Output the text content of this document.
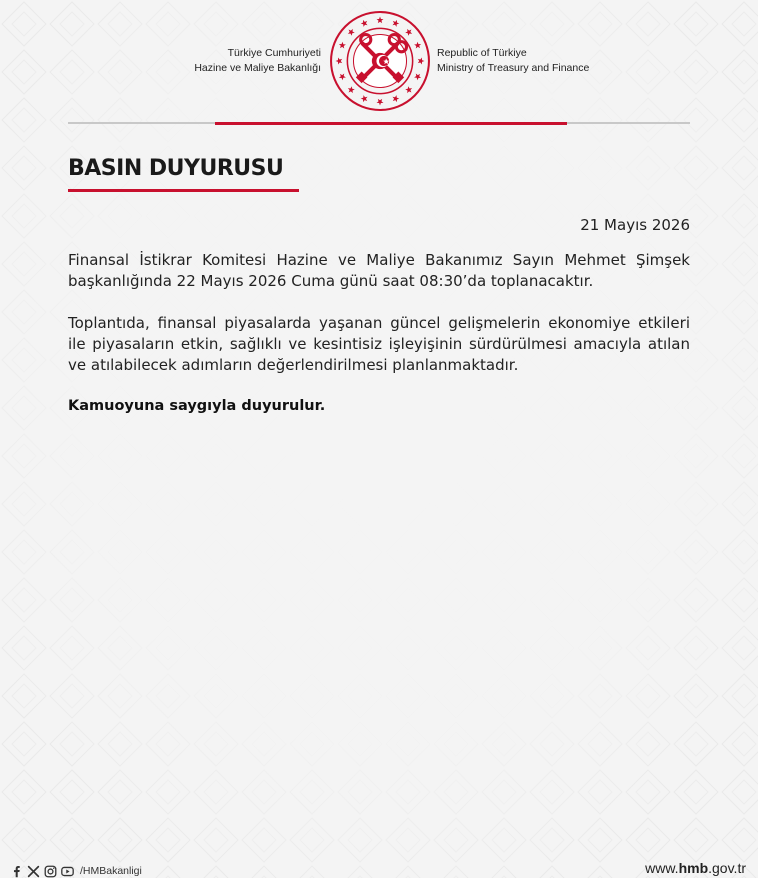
Türkiye Cumhuriyeti
Hazine ve Maliye Bakanlığı
Republic of Türkiye
Ministry of Treasury and Finance
BASIN DUYURUSU
21 Mayıs 2026

Finansal İstikrar Komitesi Hazine ve Maliye Bakanımız Sayın Mehmet Şimşek başkanlığında 22 Mayıs 2026 Cuma günü saat 08:30’da toplanacaktır.

Toplantıda, finansal piyasalarda yaşanan güncel gelişmelerin ekonomiye etkileri ile piyasaların etkin, sağlıklı ve kesintisiz işleyişinin sürdürülmesi amacıyla atılan ve atılabilecek adımların değerlendirilmesi planlanmaktadır.

Kamuoyuna saygıyla duyurulur.

/HMBakanligi	www.hmb.gov.tr
